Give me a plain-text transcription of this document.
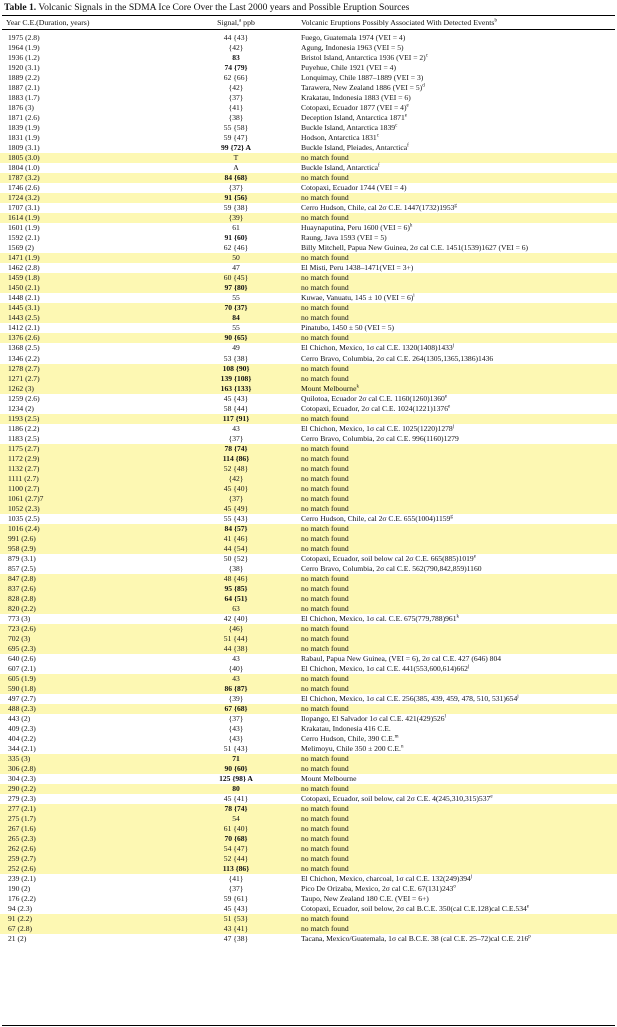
Table 1. Volcanic Signals in the SDMA Ice Core Over the Last 2000 years and Possible Eruption Sources
Year C.E.(Duration, years)	Signal,$^a$ ppb	Volcanic Eruptions Possibly Associated With Detected Events$^b$
1975 (2.8)	44 {43}	Fuego, Guatemala 1974 (VEI = 4)
1964 (1.9)	{42}	Agung, Indonesia 1963 (VEI = 5)
1936 (1.2)	83	Bristol Island, Antarctica 1936 (VEI = 2)$^c$
1920 (3.1)	74 {79}	Puyehue, Chile 1921 (VEI = 4)
1889 (2.2)	62 {66}	Lonquimay, Chile 1887–1889 (VEI = 3)
1887 (2.1)	{42}	Tarawera, New Zealand 1886 (VEI = 5)$^d$
1883 (1.7)	{37}	Krakatau, Indonesia 1883 (VEI = 6)
1876 (3)	{41}	Cotopaxi, Ecuador 1877 (VEI = 4)$^e$
1871 (2.6)	{38}	Deception Island, Antarctica 1871e
1839 (1.9)	55 {58}	Buckle Island, Antarctica 1839$^c$
1831 (1.9)	59 {47}	Hodson, Antarctica 1831$^c$
1809 (3.1)	99 {72} A	Buckle Island, Pleiades, Antarctica$^f$
1805 (3.0)	T	no match found
1804 (1.0)	A	Buckle Island, Antarctica$^f$
1787 (3.2)	84 {68}	no match found
1746 (2.6)	{37}	Cotopaxi, Ecuador 1744 (VEI = 4)
1724 (3.2)	91 {56}	no match found
1707 (3.1)	59 {38}	Cerro Hudson, Chile, cal 2σ C.E. 1447(1732)1953$^g$
1614 (1.9)	{39}	no match found
1601 (1.9)	61	Huaynaputina, Peru 1600 (VEI = 6)$^h$
1592 (2.1)	91 {60}	Raung, Java 1593 (VEI = 5)
1569 (2)	62 {46}	Billy Mitchell, Papua New Guinea, 2σ cal C.E. 1451(1539)1627 (VEI = 6)
1471 (1.9)	50	no match found
1462 (2.8)	47	El Misti, Peru 1438–1471(VEI = 3+)
1459 (1.8)	60 {45}	no match found
1450 (2.1)	97 {80}	no match found
1448 (2.1)	55	Kuwae, Vanuatu, 145 ± 10 (VEI = 6)$^i$
1445 (3.1)	70 {37}	no match found
1443 (2.5)	84	no match found
1412 (2.1)	55	Pinatubo, 1450 ± 50 (VEI = 5)
1376 (2.6)	90 {65}	no match found
1368 (2.5)	49	El Chichon, Mexico, 1σ cal C.E. 1320(1408)1433$^j$
1346 (2.2)	53 {38}	Cerro Bravo, Columbia, 2σ cal C.E. 264(1305,1365,1386)1436
1278 (2.7)	108 {90}	no match found
1271 (2.7)	139 {108}	no match found
1262 (3)	163 {133}	Mount Melbourne$^k$
1259 (2.6)	45 {43}	Quilotoa, Ecuador 2σ cal C.E. 1160(1260)1360e
1234 (2)	58 {44}	Cotopaxi, Ecuador, 2σ cal C.E. 1024(1221)1376e
1193 (2.5)	117 {91}	no match found
1186 (2.2)	43	El Chichon, Mexico, 1σ cal C.E. 1025(1220)1278$^j$
1183 (2.5)	{37}	Cerro Bravo, Columbia, 2σ cal C.E. 996(1160)1279
1175 (2.7)	78 {74}	no match found
1172 (2.9)	114 {86}	no match found
1132 (2.7)	52 {48}	no match found
1111 (2.7)	{42}	no match found
1100 (2.7)	45 {40}	no match found
1061 (2.7)7	{37}	no match found
1052 (2.3)	45 {49}	no match found
1035 (2.5)	55 {43}	Cerro Hudson, Chile, cal 2σ C.E. 655(1004)1159$^g$
1016 (2.4)	84 {57}	no match found
991 (2.6)	41 {46}	no match found
958 (2.9)	44 {54}	no match found
879 (3.1)	50 {52}	Cotopaxi, Ecuador, soil below cal 2σ C.E. 665(885)1019e
857 (2.5)	{38}	Cerro Bravo, Columbia, 2σ cal C.E. 562(790,842,859)1160
847 (2.8)	48 {46}	no match found
837 (2.6)	95 {85}	no match found
828 (2.8)	64 {51}	no match found
820 (2.2)	63	no match found
773 (3)	42 {40}	El Chichon, Mexico, 1σ cal. C.E. 675(779,788)961$^k$
723 (2.6)	{46}	no match found
702 (3)	51 {44}	no match found
695 (2.3)	44 {38}	no match found
640 (2.6)	43	Rabaul, Papua New Guinea, (VEI = 6), 2σ cal C.E. 427 (646) 804
607 (2.1)	{40}	El Chichon, Mexico, 1σ cal C.E. 441(553,600,614)662$^j$
605 (1.9)	43	no match found
590 (1.8)	86 {87}	no match found
497 (2.7)	{39}	El Chichon, Mexico, 1σ cal C.E. 256(385, 439, 459, 478, 510, 531)654$^j$
488 (2.3)	67 {68}	no match found
443 (2)	{37}	Ilopango, El Salvador 1σ cal C.E. 421(429)526$^l$
409 (2.3)	{43}	Krakatau, Indonesia 416 C.E.
404 (2.2)	{43}	Cerro Hudson, Chile, 390 C.E.$^m$
344 (2.1)	51 {43}	Melimoyu, Chile 350 ± 200 C.E.$^n$
335 (3)	71	no match found
306 (2.8)	90 {60}	no match found
304 (2.3)	125 {98} A	Mount Melbourne
290 (2.2)	80	no match found
279 (2.3)	45 {41}	Cotopaxi, Ecuador, soil below, cal 2σ C.E. 4(245,310,315)537e
277 (2.1)	78 {74}	no match found
275 (1.7)	54	no match found
267 (1.6)	61 {40}	no match found
265 (2.3)	70 {68}	no match found
262 (2.6)	54 {47}	no match found
259 (2.7)	52 {44}	no match found
252 (2.6)	113 {86}	no match found
239 (2.1)	{41}	El Chichon, Mexico, charcoal, 1σ cal C.E. 132(249)394$^j$
190 (2)	{37}	Pico De Orizaba, Mexico, 2σ cal C.E. 67(131)243$^o$
176 (2.2)	59 {61}	Taupo, New Zealand 180 C.E. (VEI = 6+)
94 (2.3)	45 {43}	Cotopaxi, Ecuador, soil below, 2σ cal B.C.E. 350(cal C.E.128)cal C.E.534e
91 (2.2)	51 {53}	no match found
67 (2.8)	43 {41}	no match found
21 (2)	47 {38}	Tacana, Mexico/Guatemala, 1σ cal B.C.E. 38 (cal C.E. 25–72)cal C.E. 216$^p$
